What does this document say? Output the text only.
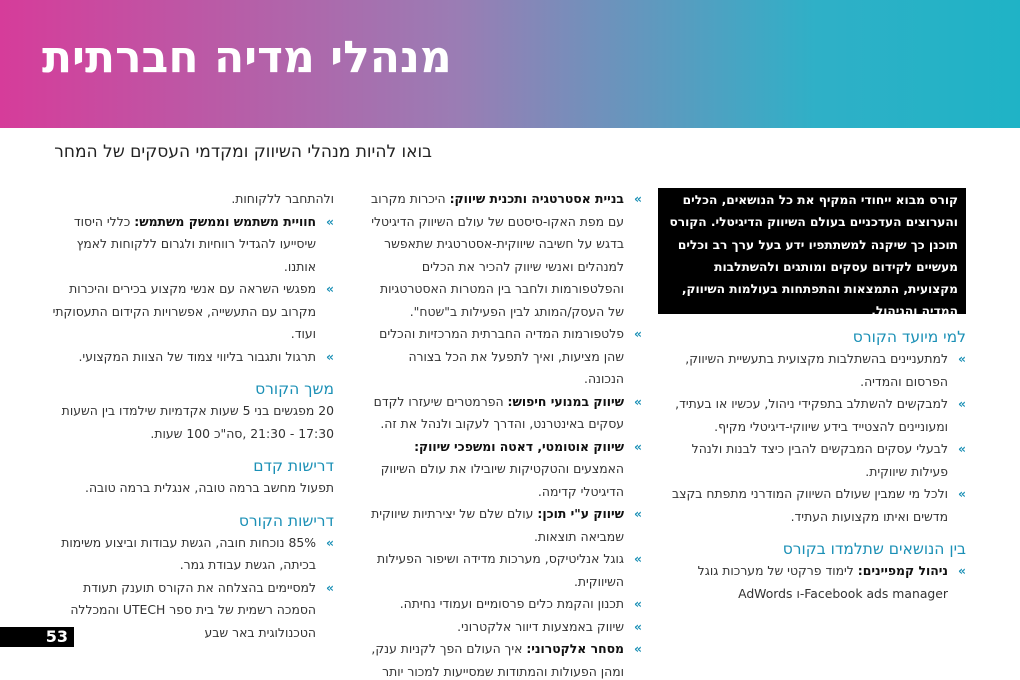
מנהלי מדיה חברתית
בואו להיות מנהלי השיווק ומקדמי העסקים של המחר
קורס מבוא ייחודי המקיף את כל הנושאים, הכלים והערוצים העדכניים בעולם השיווק הדיגיטלי. הקורס תוכנן כך שיקנה למשתתפיו ידע בעל ערך רב וכלים מעשיים לקידום עסקים ומותגים ולהשתלבות מקצועית, התמצאות והתפתחות בעולמות השיווק, המדיה והניהול.
למי מיועד הקורס
»
למתעניינים בהשתלבות מקצועית בתעשיית השיווק, הפרסום והמדיה.
»
למבקשים להשתלב בתפקידי ניהול, עכשיו או בעתיד, ומעוניינים להצטייד בידע שיווקי-דיגיטלי מקיף.
»
לבעלי עסקים המבקשים להבין כיצד לבנות ולנהל פעילות שיווקית.
»
ולכל מי שמבין שעולם השיווק המודרני מתפתח בקצב מדשים ואיתו מקצועות העתיד.
בין הנושאים שתלמדו בקורס
»
ניהול קמפיינים: לימוד פרקטי של מערכות גוגל
Facebook ads manager-ו AdWords
»
בניית אסטרטגיה ותכנית שיווק: היכרות מקרוב עם מפת האקו-סיסטם של עולם השיווק הדיגיטלי בדגש על חשיבה שיווקית-אסטרטגית שתאפשר למנהלים ואנשי שיווק להכיר את הכלים והפלטפורמות ולחבר בין המטרות האסטרטגיות של העסק/המותג לבין הפעילות ב"שטח".
»
פלטפורמות המדיה החברתית המרכזיות והכלים שהן מציעות, ואיך לתפעל את הכל בצורה הנכונה.
»
שיווק במנועי חיפוש: הפרמטרים שיעזרו לקדם עסקים באינטרנט, והדרך לעקוב ולנהל את זה.
»
שיווק אוטומטי, דאטה ומשפכי שיווק: האמצעים והטקטיקות שיובילו את עולם השיווק הדיגיטלי קדימה.
»
שיווק ע"י תוכן: עולם שלם של יצירתיות שיווקית שמביאה תוצאות.
»
גוגל אנליטיקס, מערכות מדידה ושיפור הפעילות השיווקית.
»
תכנון והקמת כלים פרסומיים ועמודי נחיתה.
»
שיווק באמצעות דיוור אלקטרוני.
»
מסחר אלקטרוני: איך העולם הפך לקניות ענק, ומהן הפעולות והמתודות שמסייעות למכור יותר
ולהתחבר ללקוחות.
»
חוויית משתמש וממשק משתמש: כללי היסוד שיסייעו להגדיל רווחיות ולגרום ללקוחות לאמץ אותנו.
»
מפגשי השראה עם אנשי מקצוע בכירים והיכרות מקרוב עם התעשייה, אפשרויות הקידום התעסוקתי ועוד.
»
תרגול ותגבור בליווי צמוד של הצוות המקצועי.
משך הקורס
20 מפגשים בני 5 שעות אקדמיות שילמדו בין השעות 17:30 - 21:30 ,סה"כ 100 שעות.
דרישות קדם
תפעול מחשב ברמה טובה, אנגלית ברמה טובה.
דרישות הקורס
»
85% נוכחות חובה, הגשת עבודות וביצוע משימות בכיתה, הגשת עבודת גמר.
»
למסיימים בהצלחה את הקורס תוענק תעודת הסמכה רשמית של בית ספר UTECH והמכללה הטכנולוגית באר שבע
53
